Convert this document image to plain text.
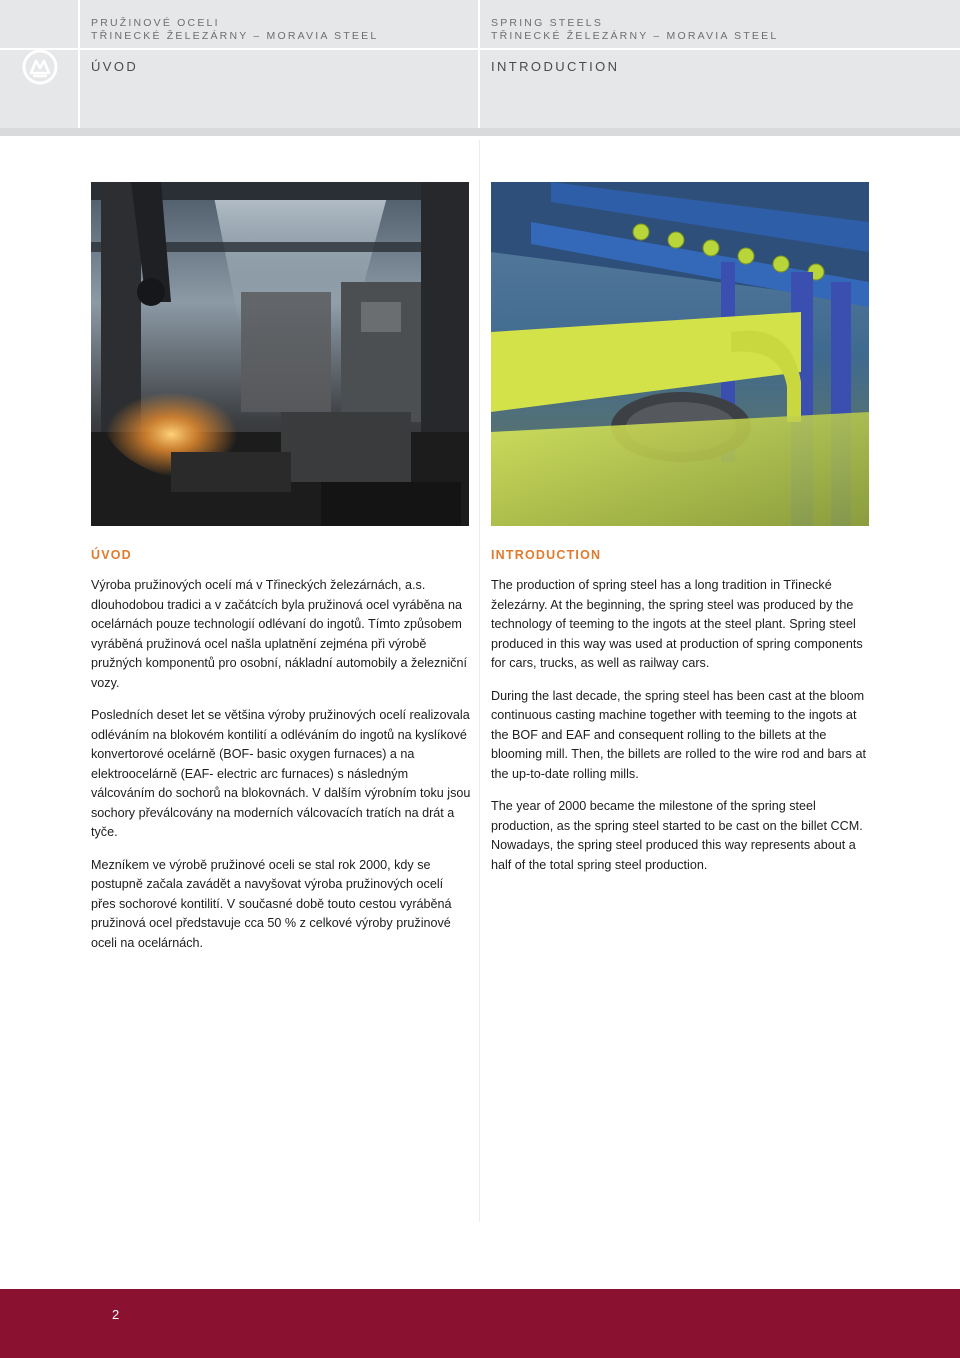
PRUŽINOVÉ OCELI

TŘINECKÉ ŽELEZÁRNY – MORAVIA STEEL

ÚVOD

SPRING STEELS

TŘINECKÉ ŽELEZÁRNY – MORAVIA STEEL

INTRODUCTION

ÚVOD

Výroba pružinových ocelí má v Třineckých železárnách, a.s. dlouhodobou tradici a v začátcích byla pružinová ocel vyráběna na ocelárnách pouze technologií odlévaní do ingotů. Tímto způsobem vyráběná pružinová ocel našla uplatnění zejména při výrobě pružných komponentů pro osobní, nákladní automobily a železniční vozy.

Posledních deset let se většina výroby pružinových ocelí realizovala odléváním na blokovém kontilití a odléváním do ingotů na kyslíkové konvertorové ocelárně (BOF- basic oxygen furnaces) a na elektroocelárně (EAF- electric arc furnaces) s následným válcováním do sochorů na blokovnách. V dalším výrobním toku jsou sochory převálcovány na moderních válcovacích tratích na drát a tyče.

Mezníkem ve výrobě pružinové oceli se stal rok 2000, kdy se postupně začala zavádět a navyšovat výroba pružinových ocelí přes sochorové kontilití. V současné době touto cestou vyráběná pružinová ocel představuje cca 50 % z celkové výroby pružinové oceli na ocelárnách.

INTRODUCTION

The production of spring steel has a long tradition in Třinecké železárny. At the beginning, the spring steel was produced by the technology of teeming to the ingots at the steel plant. Spring steel produced in this way was used at production of spring components for cars, trucks, as well as railway cars.

During the last decade, the spring steel has been cast at the bloom continuous casting machine together with teeming to the ingots at the BOF and EAF and consequent rolling to the billets at the blooming mill. Then, the billets are rolled to the wire rod and bars at the up-to-date rolling mills.

The year of 2000 became the milestone of the spring steel production, as the spring steel started to be cast on the billet CCM. Nowadays, the spring steel produced this way represents about a half of the total spring steel production.

2
